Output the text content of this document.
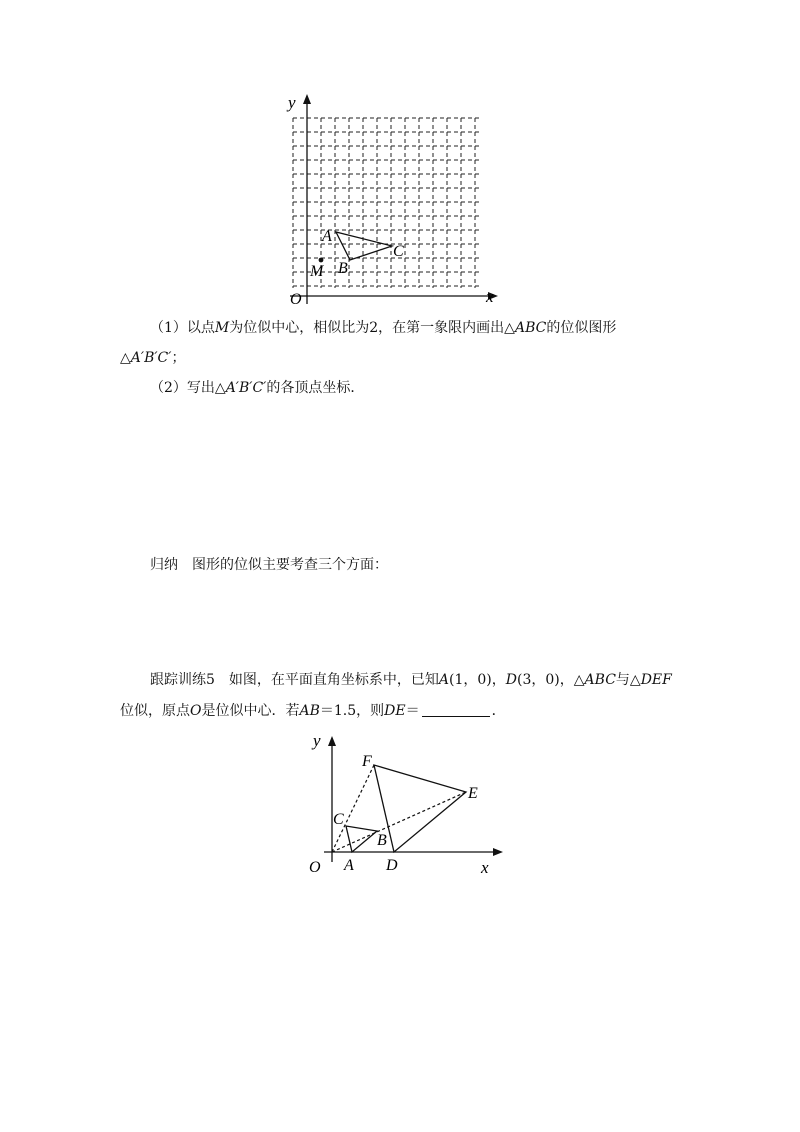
y
x
O
A
B
C
M
（1）以点M为位似中心，相似比为2，在第一象限内画出△ABC的位似图形
△A′B′C′；
（2）写出△A′B′C′的各顶点坐标．
归纳　图形的位似主要考查三个方面：
跟踪训练5　如图，在平面直角坐标系中，已知A(1，0)，D(3，0)，△ABC与△DEF
位似，原点O是位似中心．若AB＝1.5，则DE＝	．
y
x
O A
B
C
D
E
F
